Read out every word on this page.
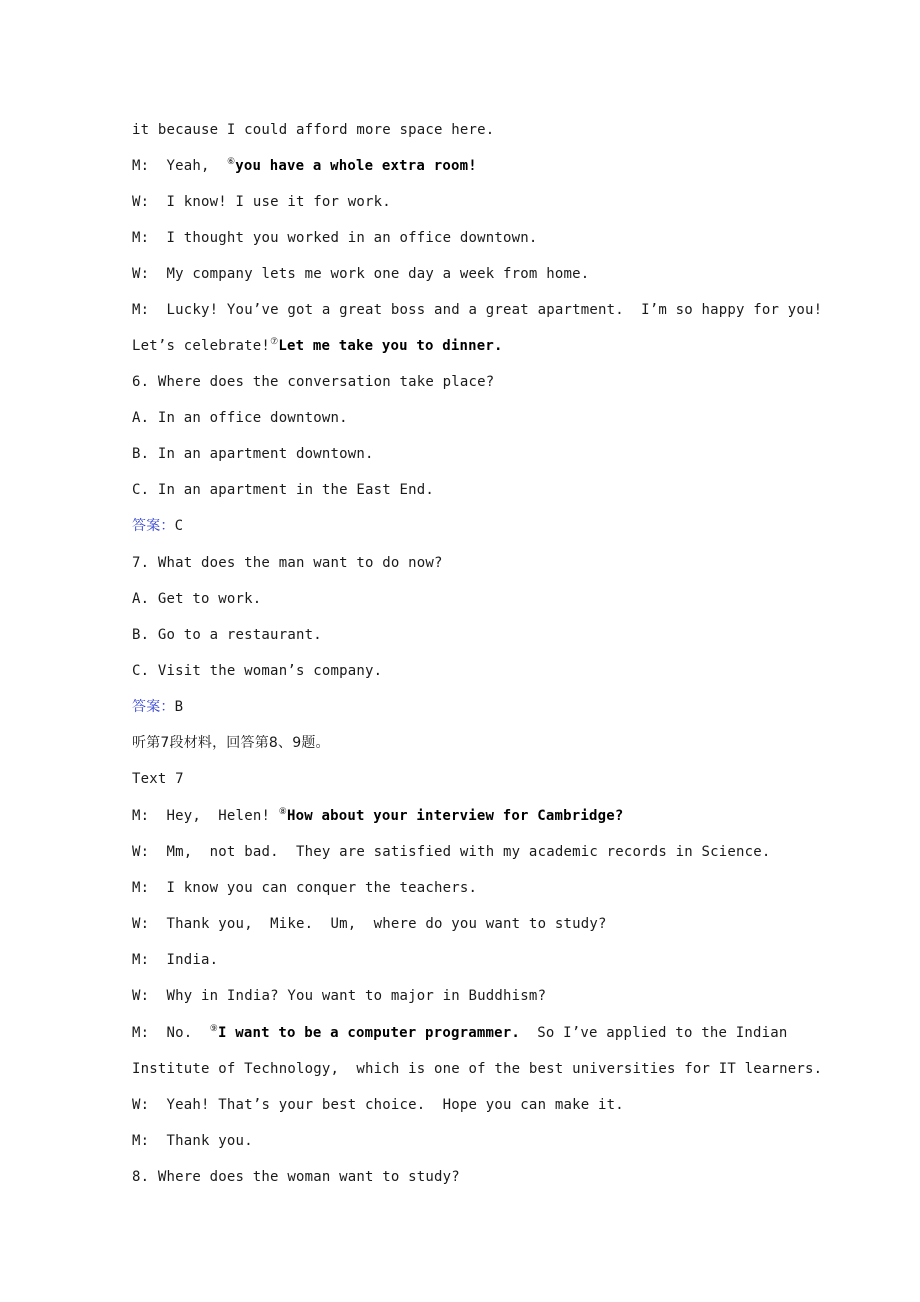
it because I could afford more space here.
M: Yeah, ⑥you have a whole extra room!
W: I know! I use it for work.
M: I thought you worked in an office downtown.
W: My company lets me work one day a week from home.
M: Lucky! You’ve got a great boss and a great apartment.  I’m so happy for you!
Let’s celebrate!⑦Let me take you to dinner.
6. Where does the conversation take place?
A. In an office downtown.
B. In an apartment downtown.
C. In an apartment in the East End.
答案：C
7. What does the man want to do now?
A. Get to work.
B. Go to a restaurant.
C. Visit the woman’s company.
答案：B
听第7段材料，回答第8、9题。
Text 7
M: Hey,  Helen! ⑧How about your interview for Cambridge?
W: Mm,  not bad.  They are satisfied with my academic records in Science.
M: I know you can conquer the teachers.
W: Thank you,  Mike.  Um,  where do you want to study?
M: India.
W: Why in India? You want to major in Buddhism?
M: No. ⑨I want to be a computer programmer. So I’ve applied to the Indian
Institute of Technology,  which is one of the best universities for IT learners.
W: Yeah! That’s your best choice.  Hope you can make it.
M: Thank you.
8. Where does the woman want to study?
